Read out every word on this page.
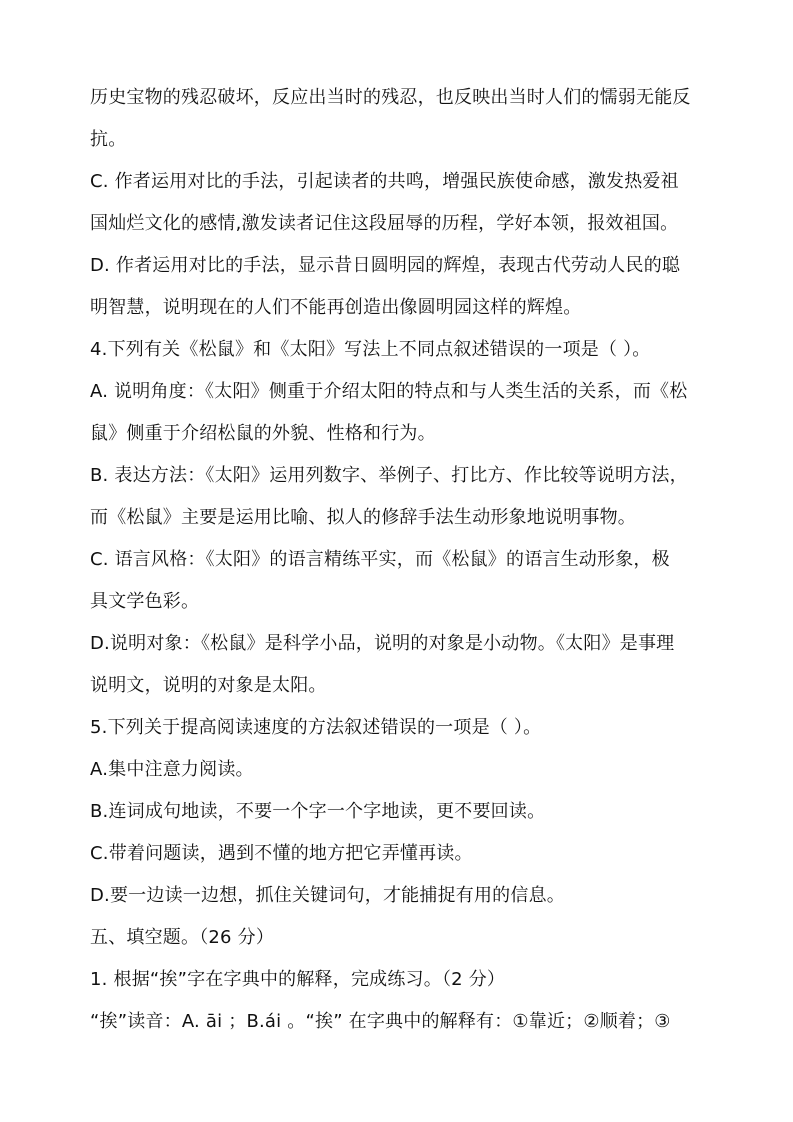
历史宝物的残忍破坏，反应出当时的残忍，也反映出当时人们的懦弱无能反
抗。
C. 作者运用对比的手法，引起读者的共鸣，增强民族使命感，激发热爱祖
国灿烂文化的感情,激发读者记住这段屈辱的历程，学好本领，报效祖国。
D. 作者运用对比的手法，显示昔日圆明园的辉煌，表现古代劳动人民的聪
明智慧，说明现在的人们不能再创造出像圆明园这样的辉煌。
4.下列有关《松鼠》和《太阳》写法上不同点叙述错误的一项是（ ）。
A. 说明角度：《太阳》侧重于介绍太阳的特点和与人类生活的关系，而《松
鼠》侧重于介绍松鼠的外貌、性格和行为。
B. 表达方法：《太阳》运用列数字、举例子、打比方、作比较等说明方法，
而《松鼠》主要是运用比喻、拟人的修辞手法生动形象地说明事物。
C. 语言风格：《太阳》的语言精练平实，而《松鼠》的语言生动形象，极
具文学色彩。
D.说明对象：《松鼠》是科学小品，说明的对象是小动物。《太阳》是事理
说明文，说明的对象是太阳。
5.下列关于提高阅读速度的方法叙述错误的一项是（ ）。
A.集中注意力阅读。
B.连词成句地读，不要一个字一个字地读，更不要回读。
C.带着问题读，遇到不懂的地方把它弄懂再读。
D.要一边读一边想，抓住关键词句，才能捕捉有用的信息。
五、填空题。（26 分）
1. 根据“挨”字在字典中的解释，完成练习。（2 分）
“挨”读音：A. āi ；B.ái 。“挨” 在字典中的解释有：①靠近；②顺着；③
